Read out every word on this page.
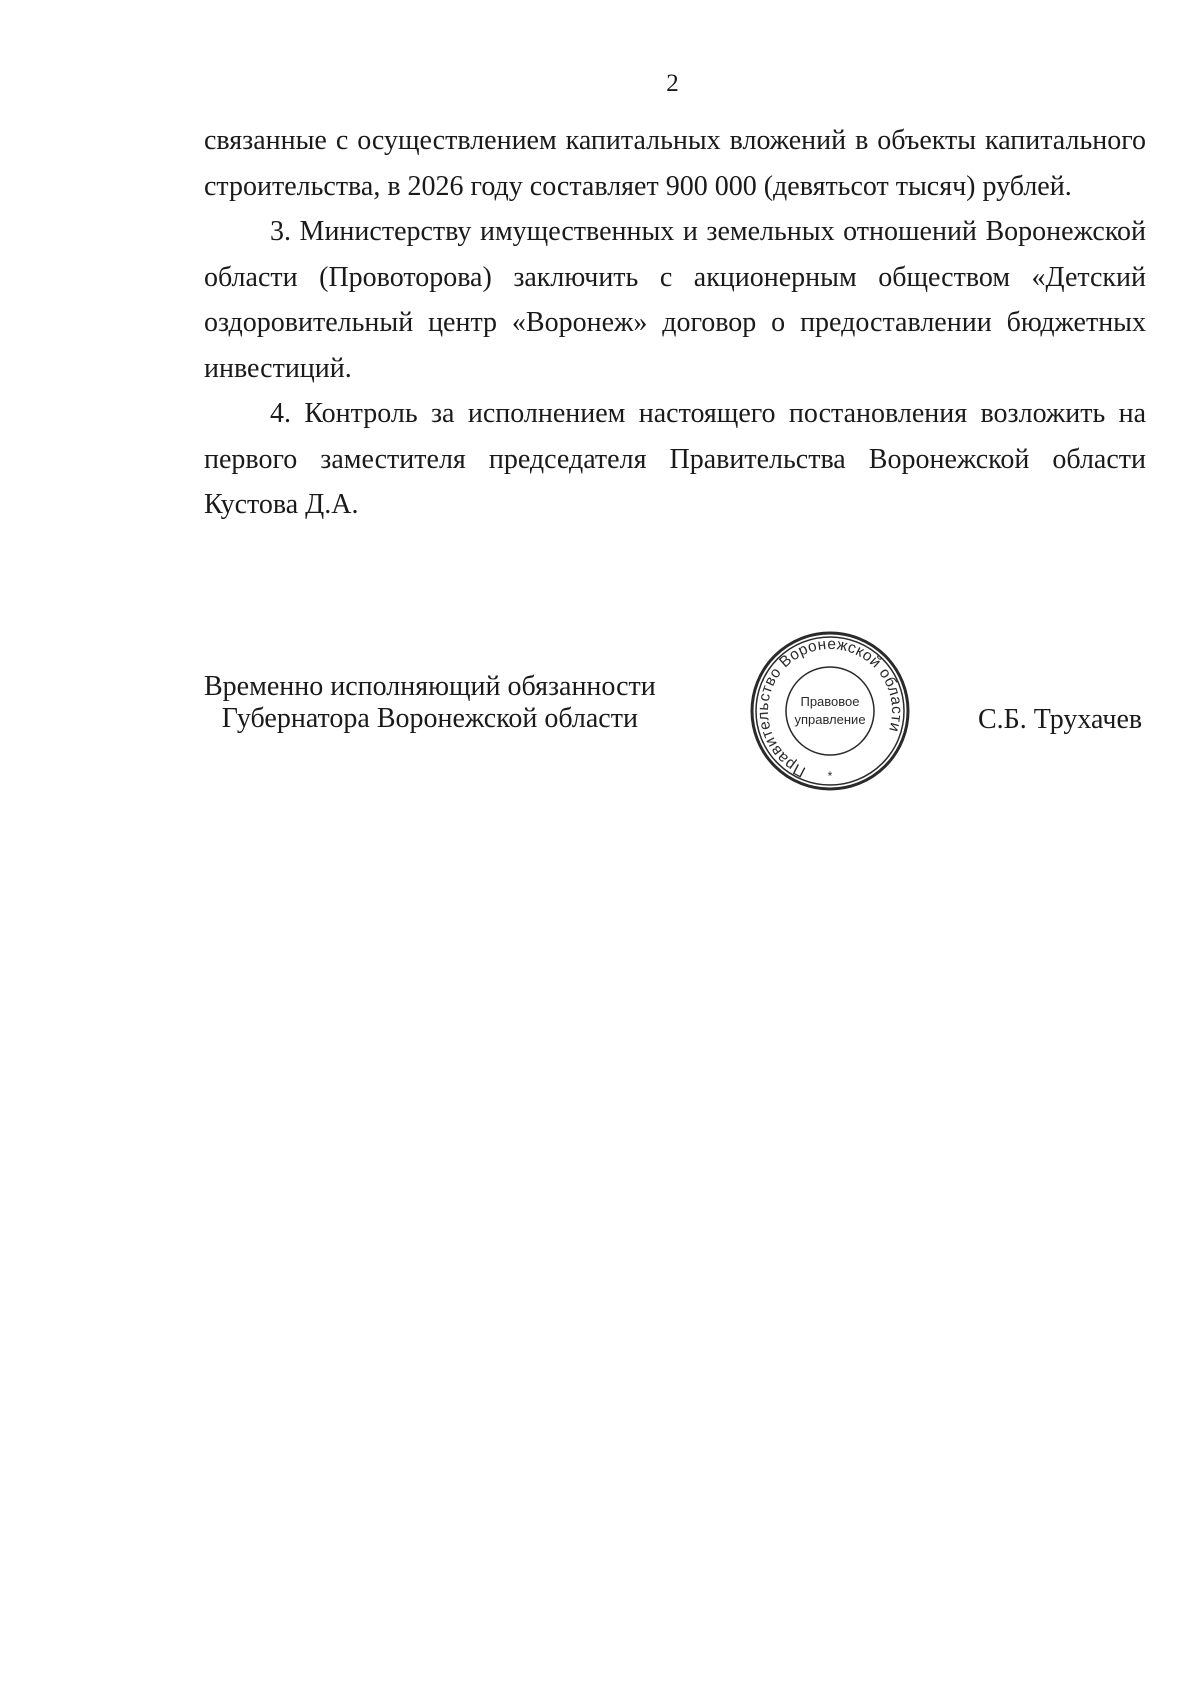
2

связанные с осуществлением капитальных вложений в объекты капитального строительства, в 2026 году составляет 900 000 (девятьсот тысяч) рублей.

3. Министерству имущественных и земельных отношений Воронежской области (Провоторова) заключить с акционерным обществом «Детский оздоровительный центр «Воронеж» договор о предоставлении бюджетных инвестиций.

4. Контроль за исполнением настоящего постановления возложить на первого заместителя председателя Правительства Воронежской области Кустова Д.А.

Временно исполняющий обязанности
Губернатора Воронежской области
Правительство Воронежской области
Правовое
управление
*
С.Б. Трухачев
